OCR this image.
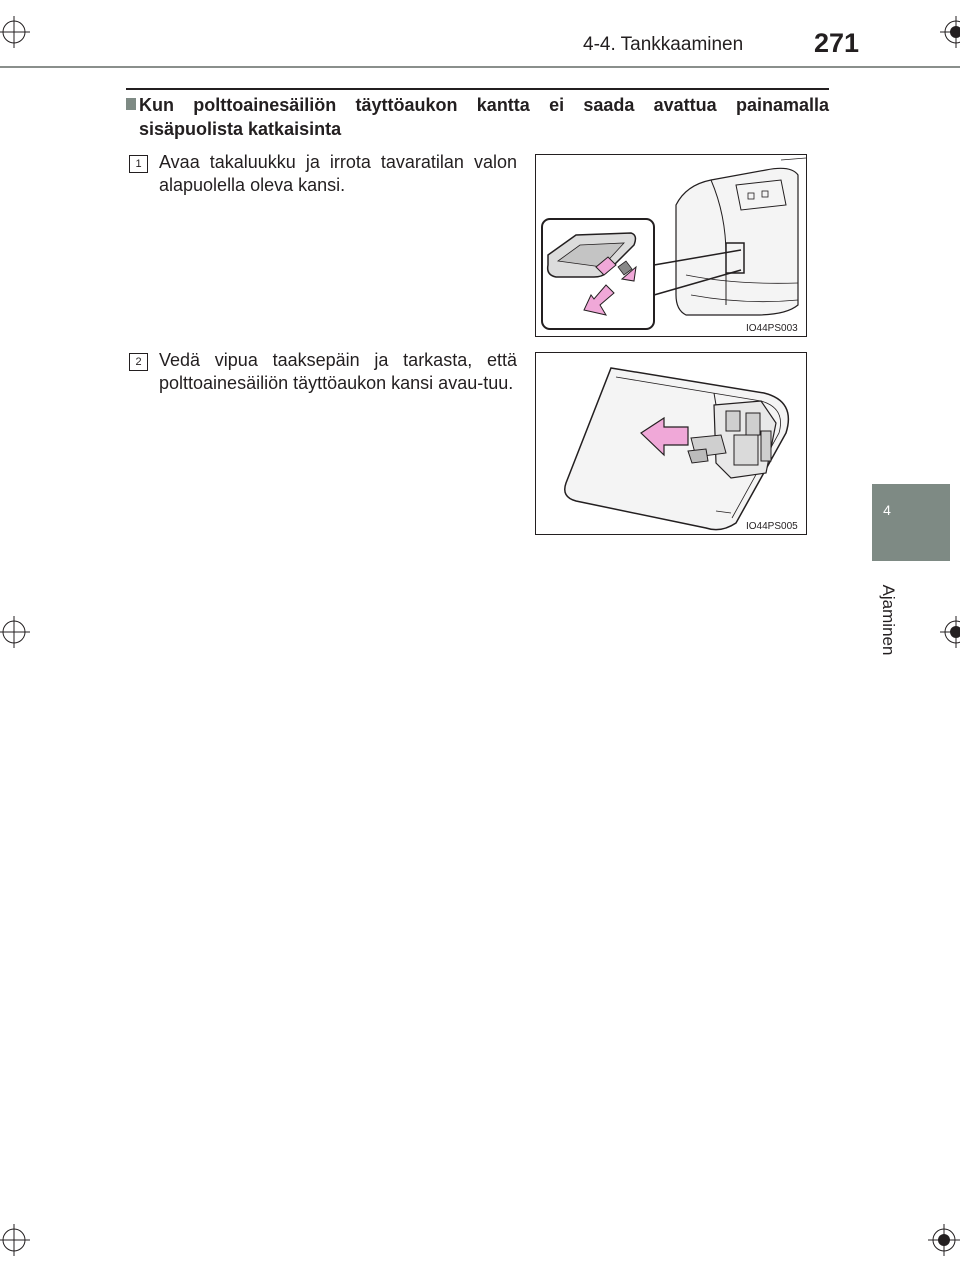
4-4. Tankkaaminen	271
4
Ajaminen
Kun polttoainesäiliön täyttöaukon kantta ei saada avattua painamalla sisäpuolista katkaisinta
1 Avaa takaluukku ja irrota tavaratilan valon alapuolella oleva kansi.
IO44PS003
2 Vedä vipua taaksepäin ja tarkasta, että polttoainesäiliön täyttöaukon kansi avau-tuu.
IO44PS005
